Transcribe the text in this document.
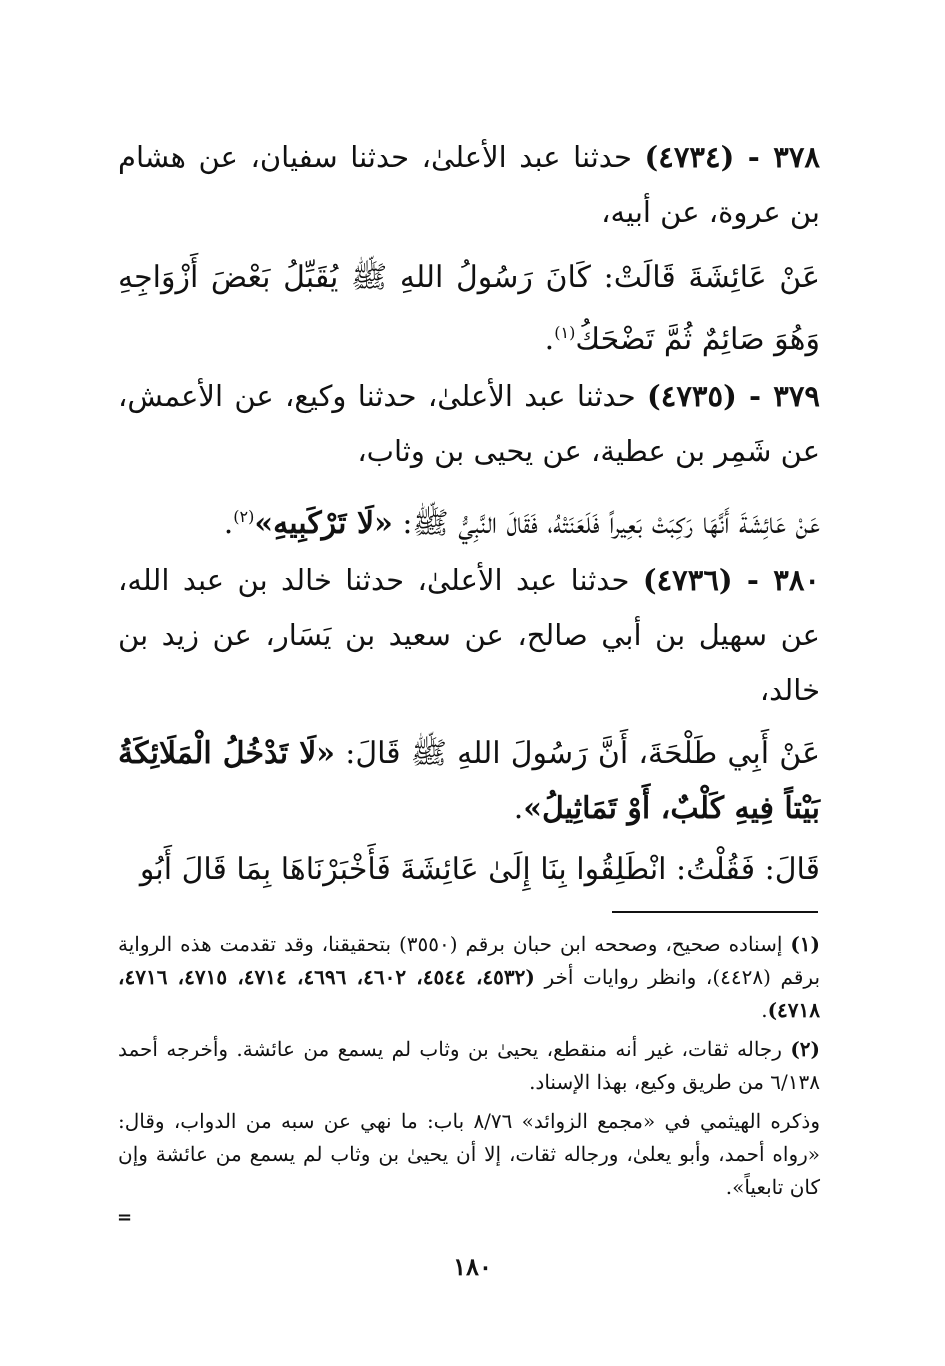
٣٧٨ - (٤٧٣٤) حدثنا عبد الأعلىٰ، حدثنا سفيان، عن هشام بن عروة، عن أبيه،

عَنْ عَائِشَةَ قَالَتْ: كَانَ رَسُولُ اللهِ ﷺ يُقَبِّلُ بَعْضَ أَزْوَاجِهِ وَهُوَ صَائِمٌ ثُمَّ تَضْحَكُ$^{(١)}$.

٣٧٩ - (٤٧٣٥) حدثنا عبد الأعلىٰ، حدثنا وكيع، عن الأعمش، عن شَمِر بن عطية، عن يحيى بن وثاب،

عَنْ عَائِشَةَ أَنَّهَا رَكِبَتْ بَعِيراً فَلَعَنَتْهُ، فَقَالَ النَّبِيُّ ﷺ: «لَا تَرْكَبِيهِ»$^{(٢)}$.

٣٨٠ - (٤٧٣٦) حدثنا عبد الأعلىٰ، حدثنا خالد بن عبد الله، عن سهيل بن أبي صالح، عن سعيد بن يَسَار، عن زيد بن خالد،

عَنْ أَبِي طَلْحَةَ، أَنَّ رَسُولَ اللهِ ﷺ قَالَ: «لَا تَدْخُلُ الْمَلَائِكَةُ بَيْتاً فِيهِ كَلْبٌ، أَوْ تَمَاثِيلُ».

قَالَ: فَقُلْتُ: انْطَلِقُوا بِنَا إِلَىٰ عَائِشَةَ فَأَخْبَرْنَاهَا بِمَا قَالَ أَبُو

(١) إسناده صحيح، وصححه ابن حبان برقم (٣٥٥٠) بتحقيقنا، وقد تقدمت هذه الرواية برقم (٤٤٢٨)، وانظر روايات أخر (٤٥٣٢، ٤٥٤٤، ٤٦٠٢، ٤٦٩٦، ٤٧١٤، ٤٧١٥، ٤٧١٦، ٤٧١٨).

(٢) رجاله ثقات، غير أنه منقطع، يحيىٰ بن وثاب لم يسمع من عائشة. وأخرجه أحمد ٦/١٣٨ من طريق وكيع، بهذا الإسناد.

وذكره الهيثمي في «مجمع الزوائد» ٨/٧٦ باب: ما نهي عن سبه من الدواب، وقال: «رواه أحمد، وأبو يعلىٰ، ورجاله ثقات، إلا أن يحيىٰ بن وثاب لم يسمع من عائشة وإن كان تابعياً».

=
١٨٠
